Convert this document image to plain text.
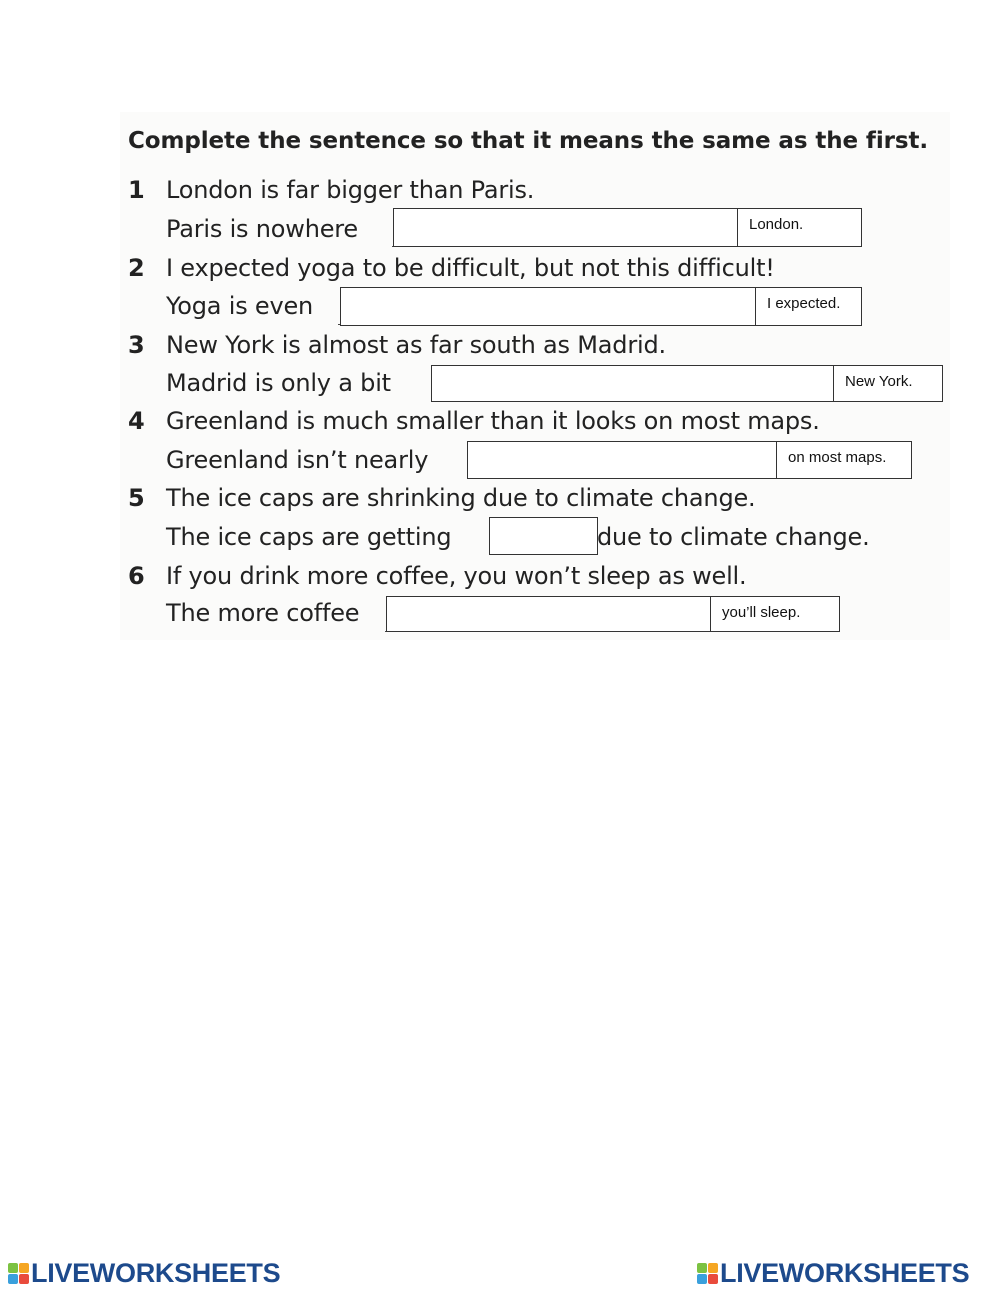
Complete the sentence so that it means the same as the first.
1 London is far bigger than Paris.
Paris is nowhere	London.
2 I expected yoga to be difficult, but not this difficult!
Yoga is even	I expected.
3 New York is almost as far south as Madrid.
Madrid is only a bit	New York.
4 Greenland is much smaller than it looks on most maps.
Greenland isn’t nearly	on most maps.
5 The ice caps are shrinking due to climate change.
The ice caps are getting	due to climate change.
6 If you drink more coffee, you won’t sleep as well.
The more coffee	you’ll sleep.
LIVEWORKSHEETS	LIVEWORKSHEETS
